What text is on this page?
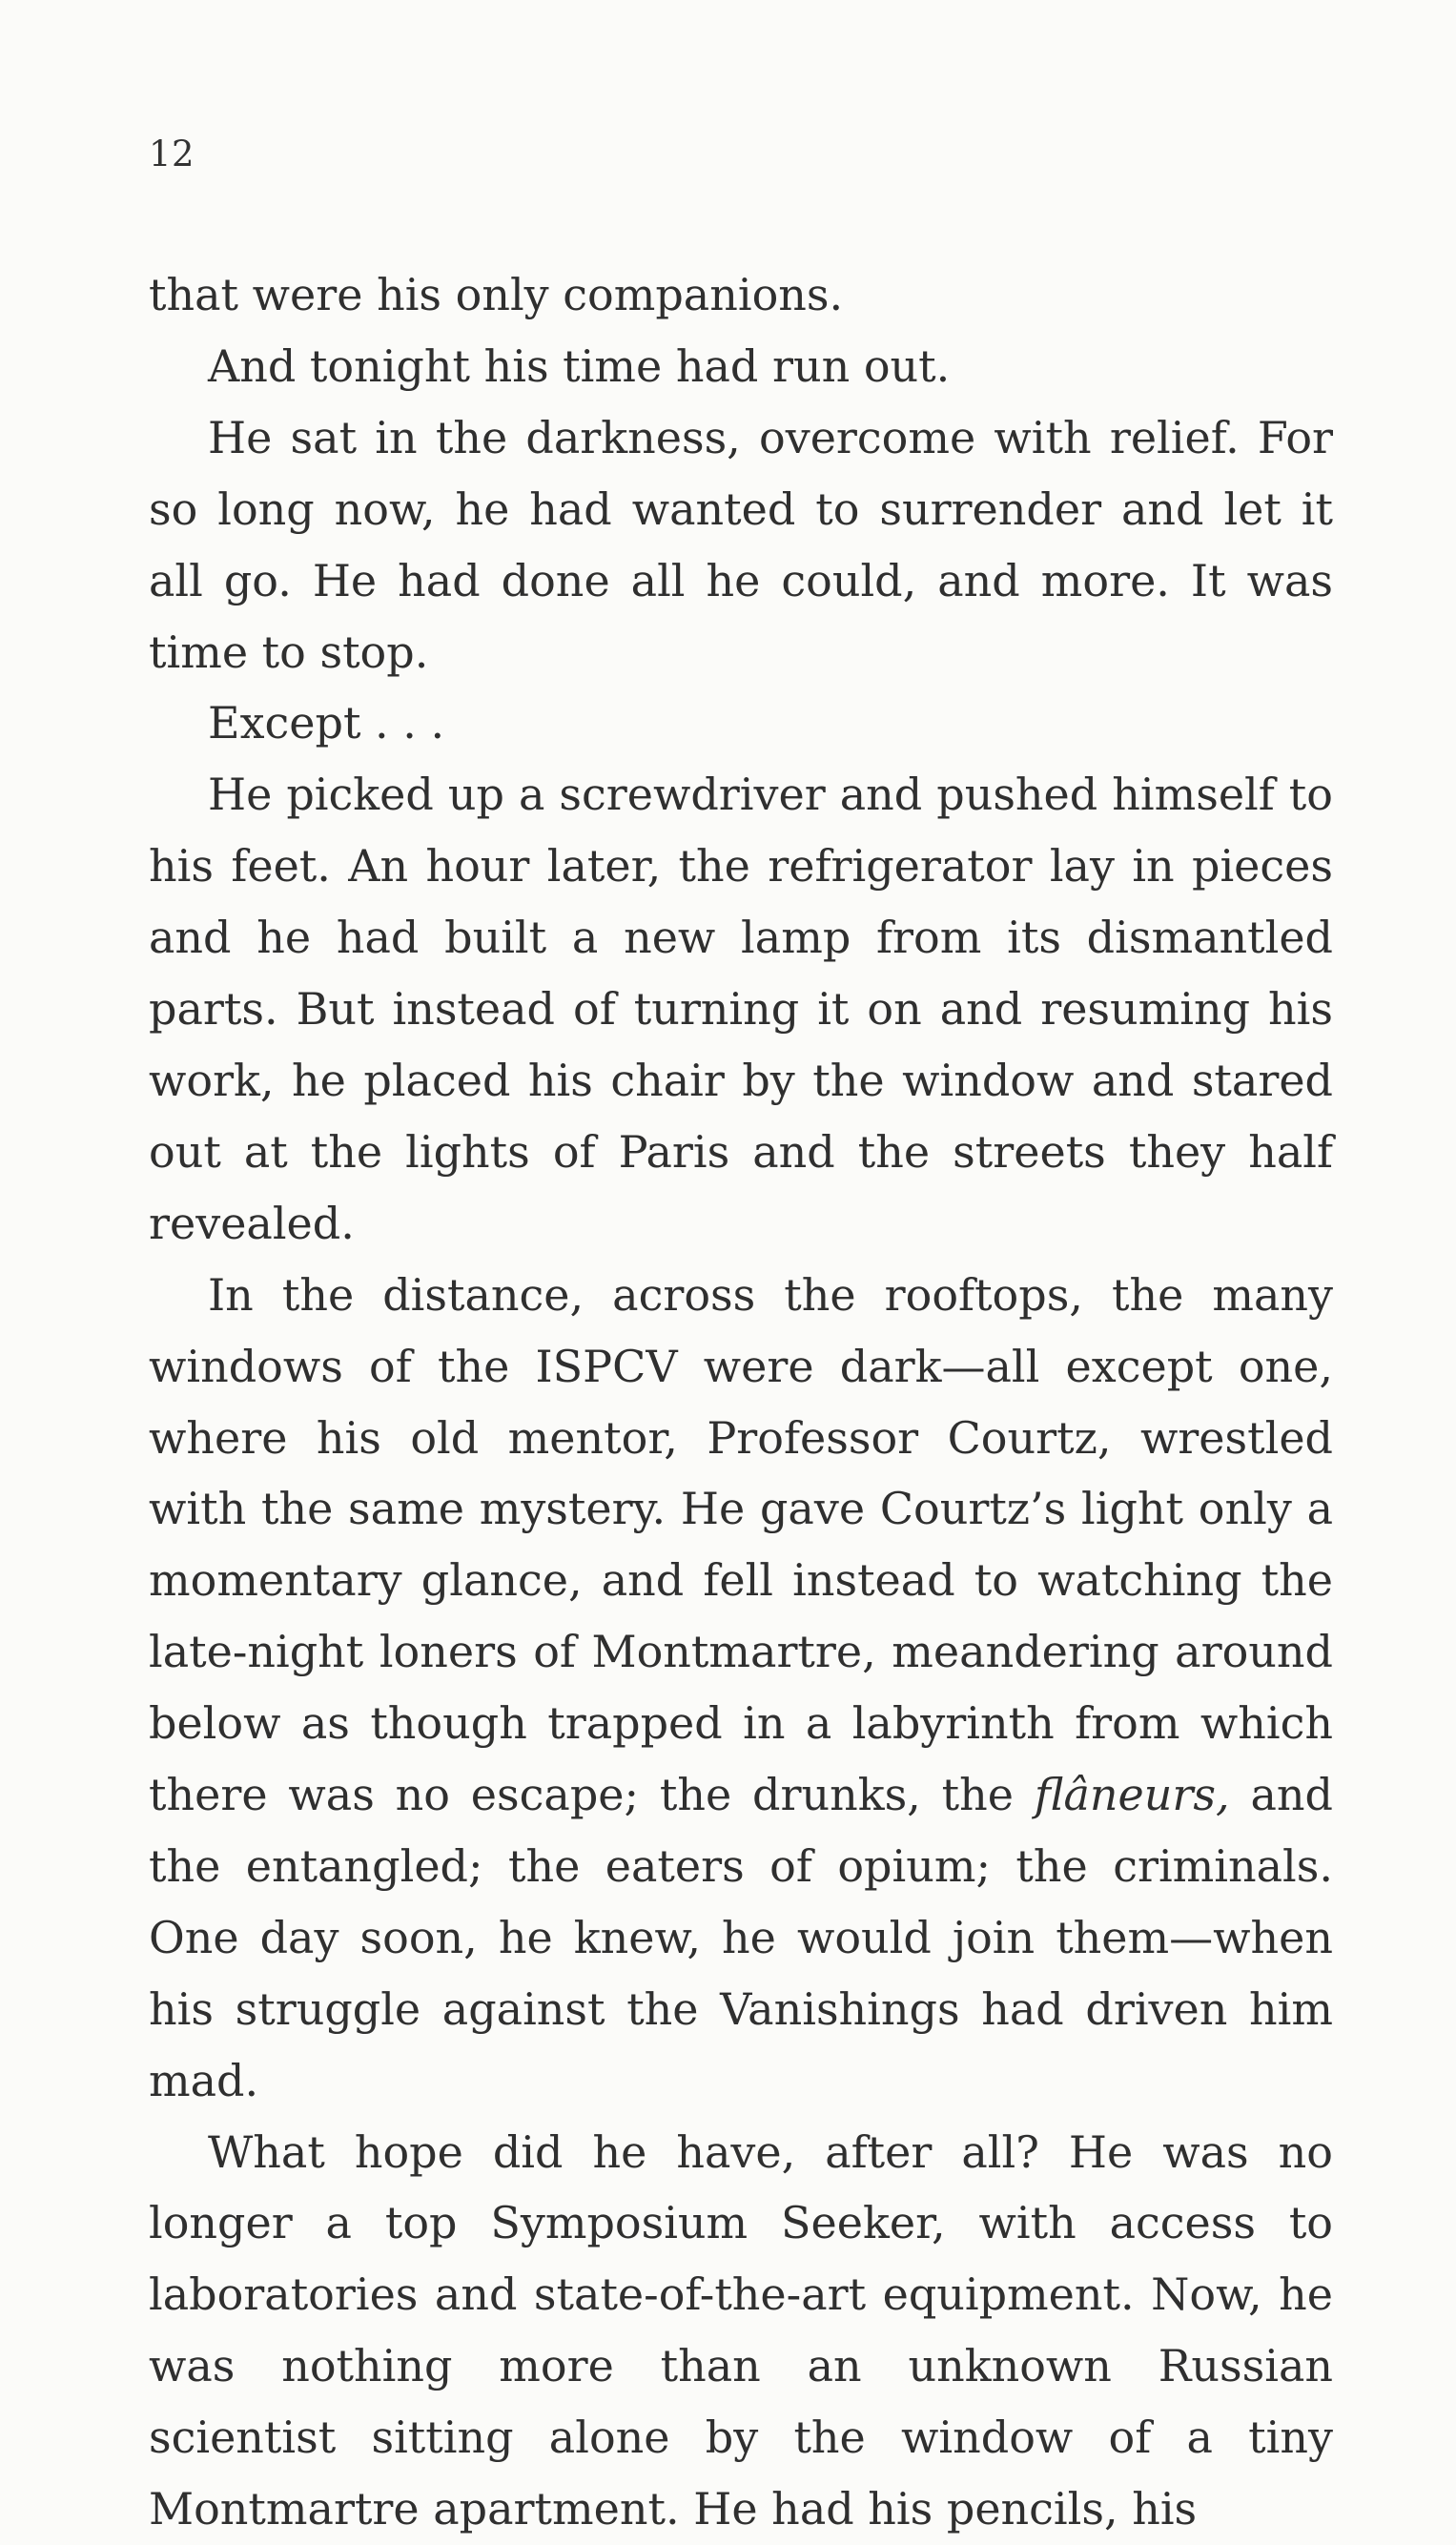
12

that were his only companions.

And tonight his time had run out.

He sat in the darkness, overcome with relief. For so long now, he had wanted to surrender and let it all go. He had done all he could, and more. It was time to stop.

Except . . .

He picked up a screwdriver and pushed himself to his feet. An hour later, the refrigerator lay in pieces and he had built a new lamp from its dismantled parts. But instead of turning it on and resuming his work, he placed his chair by the window and stared out at the lights of Paris and the streets they half revealed.

In the distance, across the rooftops, the many windows of the ISPCV were dark—all except one, where his old mentor, Professor Courtz, wrestled with the same mystery. He gave Courtz’s light only a momentary glance, and fell instead to watching the late-night loners of Montmartre, meandering around below as though trapped in a labyrinth from which there was no escape; the drunks, the flâneurs, and the entangled; the eaters of opium; the criminals. One day soon, he knew, he would join them—when his struggle against the Vanishings had driven him mad.

What hope did he have, after all? He was no longer a top Symposium Seeker, with access to laboratories and state-of-the-art equipment. Now, he was nothing more than an unknown Russian scientist sitting alone by the window of a tiny Montmartre apartment. He had his pencils, his
